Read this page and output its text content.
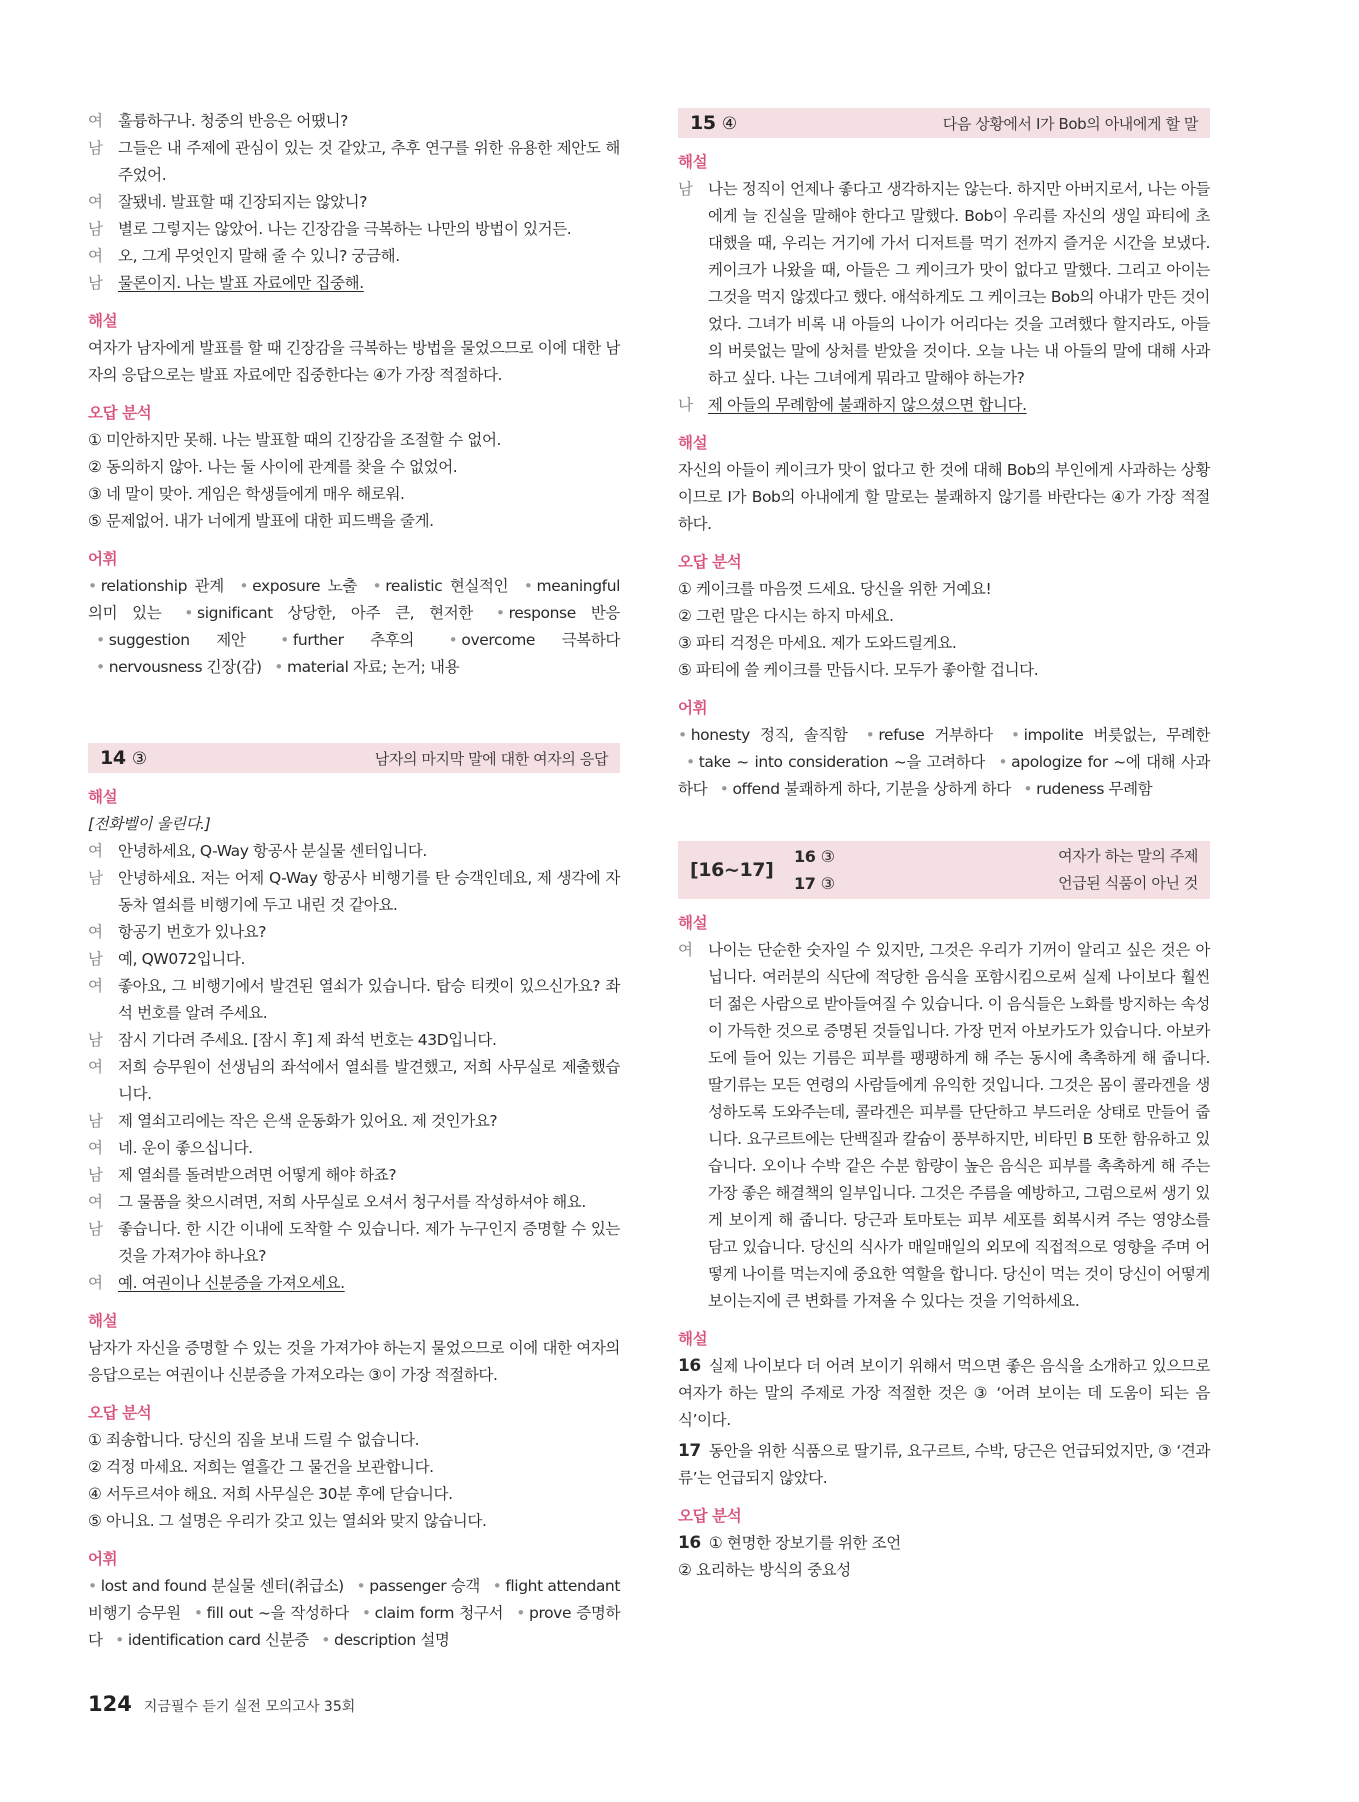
여 훌륭하구나. 청중의 반응은 어땠니?
남 그들은 내 주제에 관심이 있는 것 같았고, 추후 연구를 위한 유용한 제안도 해 주었어.
여 잘됐네. 발표할 때 긴장되지는 않았니?
남 별로 그렇지는 않았어. 나는 긴장감을 극복하는 나만의 방법이 있거든.
여 오, 그게 무엇인지 말해 줄 수 있니? 궁금해.
남 물론이지. 나는 발표 자료에만 집중해.
해설
여자가 남자에게 발표를 할 때 긴장감을 극복하는 방법을 물었으므로 이에 대한 남자의 응답으로는 발표 자료에만 집중한다는 ④가 가장 적절하다.
오답 분석
① 미안하지만 못해. 나는 발표할 때의 긴장감을 조절할 수 없어.
② 동의하지 않아. 나는 둘 사이에 관계를 찾을 수 없었어.
③ 네 말이 맞아. 게임은 학생들에게 매우 해로워.
⑤ 문제없어. 내가 너에게 발표에 대한 피드백을 줄게.
어휘
• relationship 관계 • exposure 노출 • realistic 현실적인 • meaningful 의미 있는 • significant 상당한, 아주 큰, 현저한 • response 반응 • suggestion 제안 • further 추후의 • overcome 극복하다 • nervousness 긴장(감) • material 자료; 논거; 내용
14 ③	남자의 마지막 말에 대한 여자의 응답
해설
[전화벨이 울린다.]
여 안녕하세요, Q-Way 항공사 분실물 센터입니다.
남 안녕하세요. 저는 어제 Q-Way 항공사 비행기를 탄 승객인데요, 제 생각에 자동차 열쇠를 비행기에 두고 내린 것 같아요.
여 항공기 번호가 있나요?
남 예, QW072입니다.
여 좋아요, 그 비행기에서 발견된 열쇠가 있습니다. 탑승 티켓이 있으신가요? 좌석 번호를 알려 주세요.
남 잠시 기다려 주세요. [잠시 후] 제 좌석 번호는 43D입니다.
여 저희 승무원이 선생님의 좌석에서 열쇠를 발견했고, 저희 사무실로 제출했습니다.
남 제 열쇠고리에는 작은 은색 운동화가 있어요. 제 것인가요?
여 네. 운이 좋으십니다.
남 제 열쇠를 돌려받으려면 어떻게 해야 하죠?
여 그 물품을 찾으시려면, 저희 사무실로 오셔서 청구서를 작성하셔야 해요.
남 좋습니다. 한 시간 이내에 도착할 수 있습니다. 제가 누구인지 증명할 수 있는 것을 가져가야 하나요?
여 예. 여권이나 신분증을 가져오세요.
해설
남자가 자신을 증명할 수 있는 것을 가져가야 하는지 물었으므로 이에 대한 여자의 응답으로는 여권이나 신분증을 가져오라는 ③이 가장 적절하다.
오답 분석
① 죄송합니다. 당신의 짐을 보내 드릴 수 없습니다.
② 걱정 마세요. 저희는 열흘간 그 물건을 보관합니다.
④ 서두르셔야 해요. 저희 사무실은 30분 후에 닫습니다.
⑤ 아니요. 그 설명은 우리가 갖고 있는 열쇠와 맞지 않습니다.
어휘
• lost and found 분실물 센터(취급소) • passenger 승객 • flight attendant 비행기 승무원 • fill out ~을 작성하다 • claim form 청구서 • prove 증명하다 • identification card 신분증 • description 설명
15 ④	다음 상황에서 I가 Bob의 아내에게 할 말
해설
남 나는 정직이 언제나 좋다고 생각하지는 않는다. 하지만 아버지로서, 나는 아들에게 늘 진실을 말해야 한다고 말했다. Bob이 우리를 자신의 생일 파티에 초대했을 때, 우리는 거기에 가서 디저트를 먹기 전까지 즐거운 시간을 보냈다. 케이크가 나왔을 때, 아들은 그 케이크가 맛이 없다고 말했다. 그리고 아이는 그것을 먹지 않겠다고 했다. 애석하게도 그 케이크는 Bob의 아내가 만든 것이었다. 그녀가 비록 내 아들의 나이가 어리다는 것을 고려했다 할지라도, 아들의 버릇없는 말에 상처를 받았을 것이다. 오늘 나는 내 아들의 말에 대해 사과하고 싶다. 나는 그녀에게 뭐라고 말해야 하는가?
나 제 아들의 무례함에 불쾌하지 않으셨으면 합니다.
해설
자신의 아들이 케이크가 맛이 없다고 한 것에 대해 Bob의 부인에게 사과하는 상황이므로 I가 Bob의 아내에게 할 말로는 불쾌하지 않기를 바란다는 ④가 가장 적절하다.
오답 분석
① 케이크를 마음껏 드세요. 당신을 위한 거예요!
② 그런 말은 다시는 하지 마세요.
③ 파티 걱정은 마세요. 제가 도와드릴게요.
⑤ 파티에 쓸 케이크를 만듭시다. 모두가 좋아할 겁니다.
어휘
• honesty 정직, 솔직함 • refuse 거부하다 • impolite 버릇없는, 무례한 • take ~ into consideration ~을 고려하다 • apologize for ~에 대해 사과하다 • offend 불쾌하게 하다, 기분을 상하게 하다 • rudeness 무례함
[16~17]
16 ③	여자가 하는 말의 주제
17 ③	언급된 식품이 아닌 것
해설
여 나이는 단순한 숫자일 수 있지만, 그것은 우리가 기꺼이 알리고 싶은 것은 아닙니다. 여러분의 식단에 적당한 음식을 포함시킴으로써 실제 나이보다 훨씬 더 젊은 사람으로 받아들여질 수 있습니다. 이 음식들은 노화를 방지하는 속성이 가득한 것으로 증명된 것들입니다. 가장 먼저 아보카도가 있습니다. 아보카도에 들어 있는 기름은 피부를 팽팽하게 해 주는 동시에 촉촉하게 해 줍니다. 딸기류는 모든 연령의 사람들에게 유익한 것입니다. 그것은 몸이 콜라겐을 생성하도록 도와주는데, 콜라겐은 피부를 단단하고 부드러운 상태로 만들어 줍니다. 요구르트에는 단백질과 칼슘이 풍부하지만, 비타민 B 또한 함유하고 있습니다. 오이나 수박 같은 수분 함량이 높은 음식은 피부를 촉촉하게 해 주는 가장 좋은 해결책의 일부입니다. 그것은 주름을 예방하고, 그럼으로써 생기 있게 보이게 해 줍니다. 당근과 토마토는 피부 세포를 회복시켜 주는 영양소를 담고 있습니다. 당신의 식사가 매일매일의 외모에 직접적으로 영향을 주며 어떻게 나이를 먹는지에 중요한 역할을 합니다. 당신이 먹는 것이 당신이 어떻게 보이는지에 큰 변화를 가져올 수 있다는 것을 기억하세요.
해설
16 실제 나이보다 더 어려 보이기 위해서 먹으면 좋은 음식을 소개하고 있으므로 여자가 하는 말의 주제로 가장 적절한 것은 ③ ‘어려 보이는 데 도움이 되는 음식’이다.
17 동안을 위한 식품으로 딸기류, 요구르트, 수박, 당근은 언급되었지만, ③ ‘견과류’는 언급되지 않았다.
오답 분석
16 ① 현명한 장보기를 위한 조언
② 요리하는 방식의 중요성
124 지금필수 듣기 실전 모의고사 35회
